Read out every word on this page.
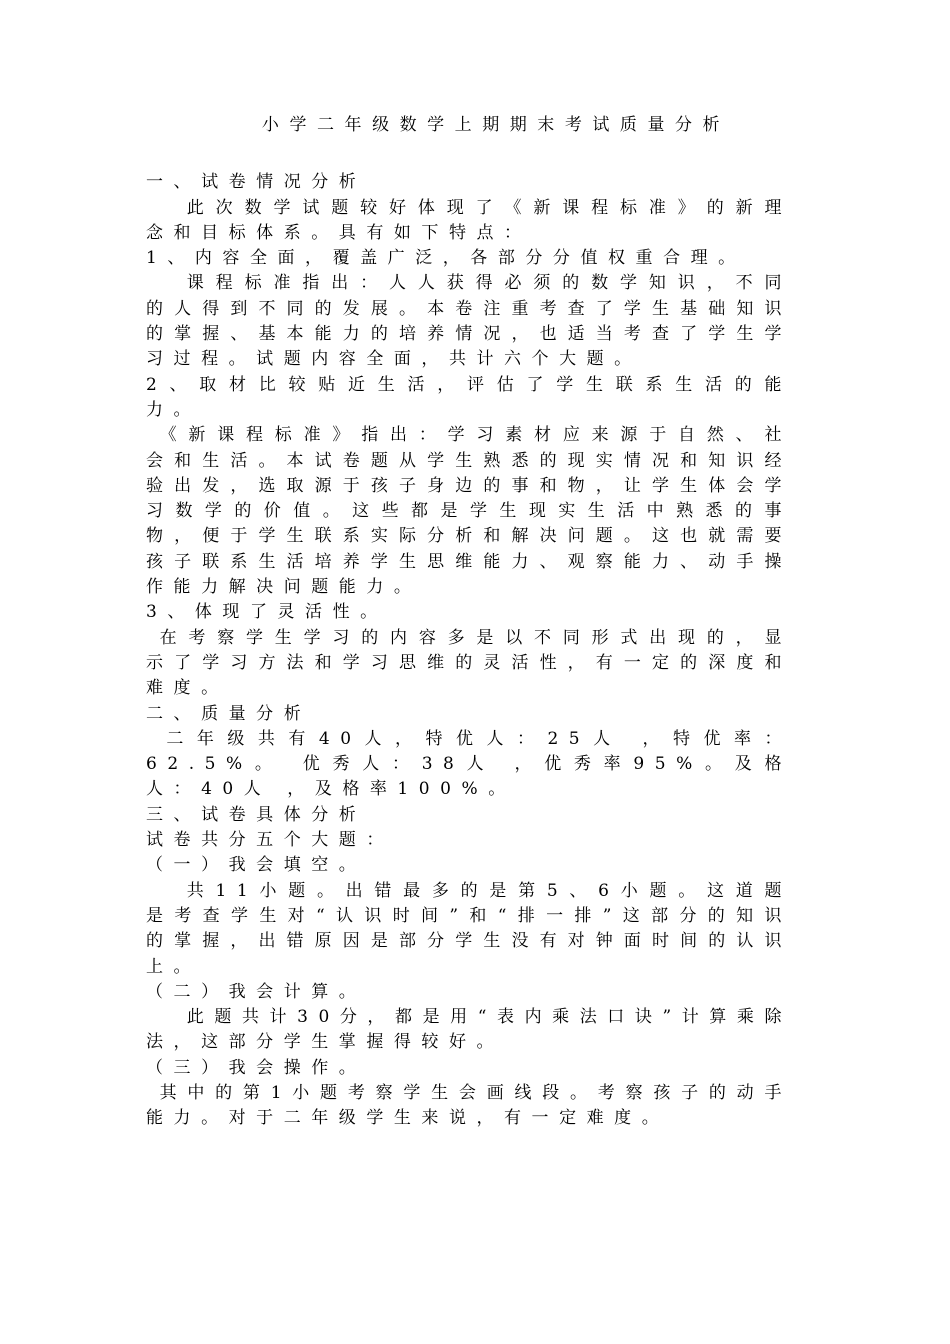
小学二年级数学上期期末考试质量分析

一、试卷情况分析

此次数学试题较好体现了《新课程标准》的新理念和目标体系。具有如下特点：

1、内容全面，覆盖广泛，各部分分值权重合理。

课程标准指出：人人获得必须的数学知识，不同的人得到不同的发展。本卷注重考查了学生基础知识的掌握、基本能力的培养情况，也适当考查了学生学习过程。试题内容全面，共计六个大题。

2、取材比较贴近生活，评估了学生联系生活的能力。

《新课程标准》指出：学习素材应来源于自然、社会和生活。本试卷题从学生熟悉的现实情况和知识经验出发，选取源于孩子身边的事和物，让学生体会学习数学的价值。这些都是学生现实生活中熟悉的事物，便于学生联系实际分析和解决问题。这也就需要孩子联系生活培养学生思维能力、观察能力、动手操作能力解决问题能力。

3、体现了灵活性。

在考察学生学习的内容多是以不同形式出现的，显示了学习方法和学习思维的灵活性，有一定的深度和难度。

二、质量分析

二年级共有40人，特优人：25人 ，特优率：62.5%。 优秀人：38人 ，优秀率95%。及格人：40人 ，及格率100%。

三、试卷具体分析

试卷共分五个大题：

（一）我会填空。

共11小题。出错最多的是第5、6小题。这道题是考查学生对“认识时间”和“排一排”这部分的知识的掌握，出错原因是部分学生没有对钟面时间的认识上。

（二）我会计算。

此题共计30分，都是用“表内乘法口诀”计算乘除法，这部分学生掌握得较好。

（三）我会操作。

其中的第1小题考察学生会画线段。考察孩子的动手能力。对于二年级学生来说，有一定难度。
